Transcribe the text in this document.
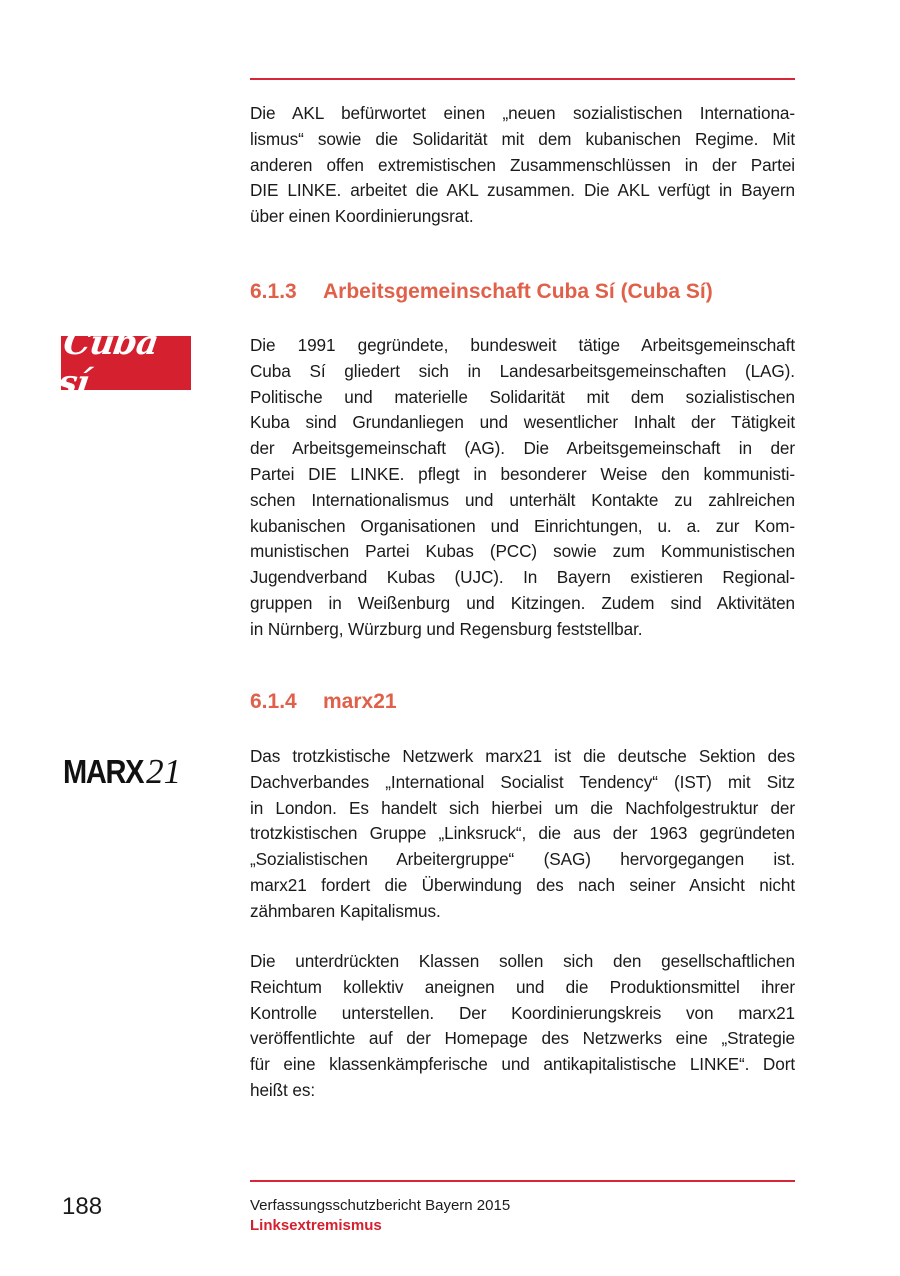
Die AKL befürwortet einen „neuen sozialistischen Internationa-
lismus“ sowie die Solidarität mit dem kubanischen Regime. Mit
anderen offen extremistischen Zusammenschlüssen in der Partei
DIE LINKE. arbeitet die AKL zusammen. Die AKL verfügt in Bayern
über einen Koordinierungsrat.

6.1.3 Arbeitsgemeinschaft Cuba Sí (Cuba Sí)
Cuba sí

Die 1991 gegründete, bundesweit tätige Arbeitsgemeinschaft
Cuba Sí gliedert sich in Landesarbeitsgemeinschaften (LAG).
Politische und materielle Solidarität mit dem sozialistischen
Kuba sind Grundanliegen und wesentlicher Inhalt der Tätigkeit
der Arbeitsgemeinschaft (AG). Die Arbeitsgemeinschaft in der
Partei DIE LINKE. pflegt in besonderer Weise den kommunisti-
schen Internationalismus und unterhält Kontakte zu zahlreichen
kubanischen Organisationen und Einrichtungen, u. a. zur Kom-
munistischen Partei Kubas (PCC) sowie zum Kommunistischen
Jugendverband Kubas (UJC). In Bayern existieren Regional-
gruppen in Weißenburg und Kitzingen. Zudem sind Aktivitäten
in Nürnberg, Würzburg und Regensburg feststellbar.

6.1.4 marx21
MARX21	Das trotzkistische Netzwerk marx21 ist die deutsche Sektion des
Dachverbandes „International Socialist Tendency“ (IST) mit Sitz
in London. Es handelt sich hierbei um die Nachfolgestruktur der
trotzkistischen Gruppe „Linksruck“, die aus der 1963 gegründeten
„Sozialistischen Arbeitergruppe“ (SAG) hervorgegangen ist.
marx21 fordert die Überwindung des nach seiner Ansicht nicht
zähmbaren Kapitalismus.

Die unterdrückten Klassen sollen sich den gesellschaftlichen
Reichtum kollektiv aneignen und die Produktionsmittel ihrer
Kontrolle unterstellen. Der Koordinierungskreis von marx21
veröffentlichte auf der Homepage des Netzwerks eine „Strategie
für eine klassenkämpferische und antikapitalistische LINKE“. Dort
heißt es:

188	Verfassungsschutzbericht Bayern 2015
Linksextremismus
